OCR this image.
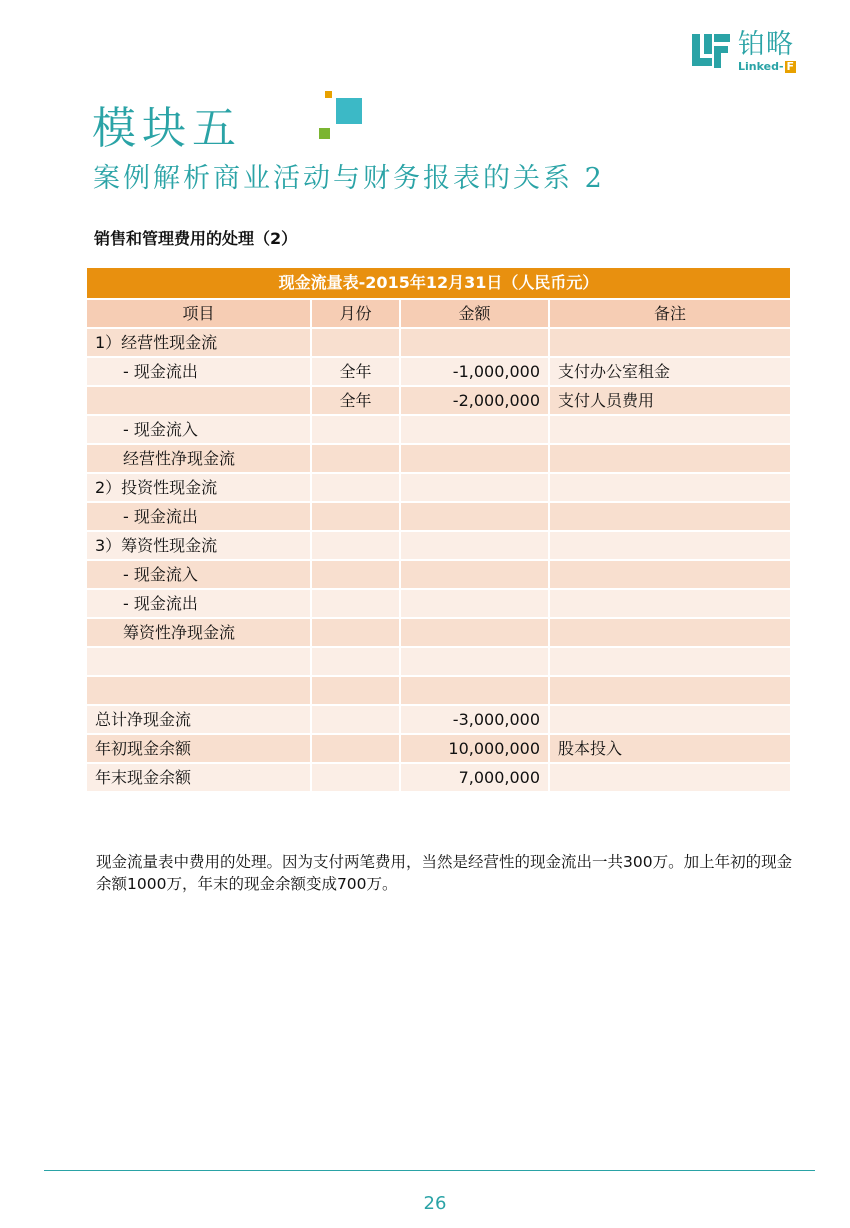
铂略
Linked- F
模块五
案例解析商业活动与财务报表的关系 2
销售和管理费用的处理（2）
现金流量表-2015年12月31日（人民币元）			
项目	月份	金额	备注
1）经营性现金流			
- 现金流出	全年	-1,000,000	支付办公室租金
	全年	-2,000,000	支付人员费用
- 现金流入			
经营性净现金流			
2）投资性现金流			
- 现金流出			
3）筹资性现金流			
- 现金流入			
- 现金流出			
筹资性净现金流			

总计净现金流		-3,000,000	
年初现金余额		10,000,000	股本投入
年末现金余额		7,000,000	
现金流量表中费用的处理。因为支付两笔费用，当然是经营性的现金流出一共300万。加上年初的现金余额1000万，年末的现金余额变成700万。
26
